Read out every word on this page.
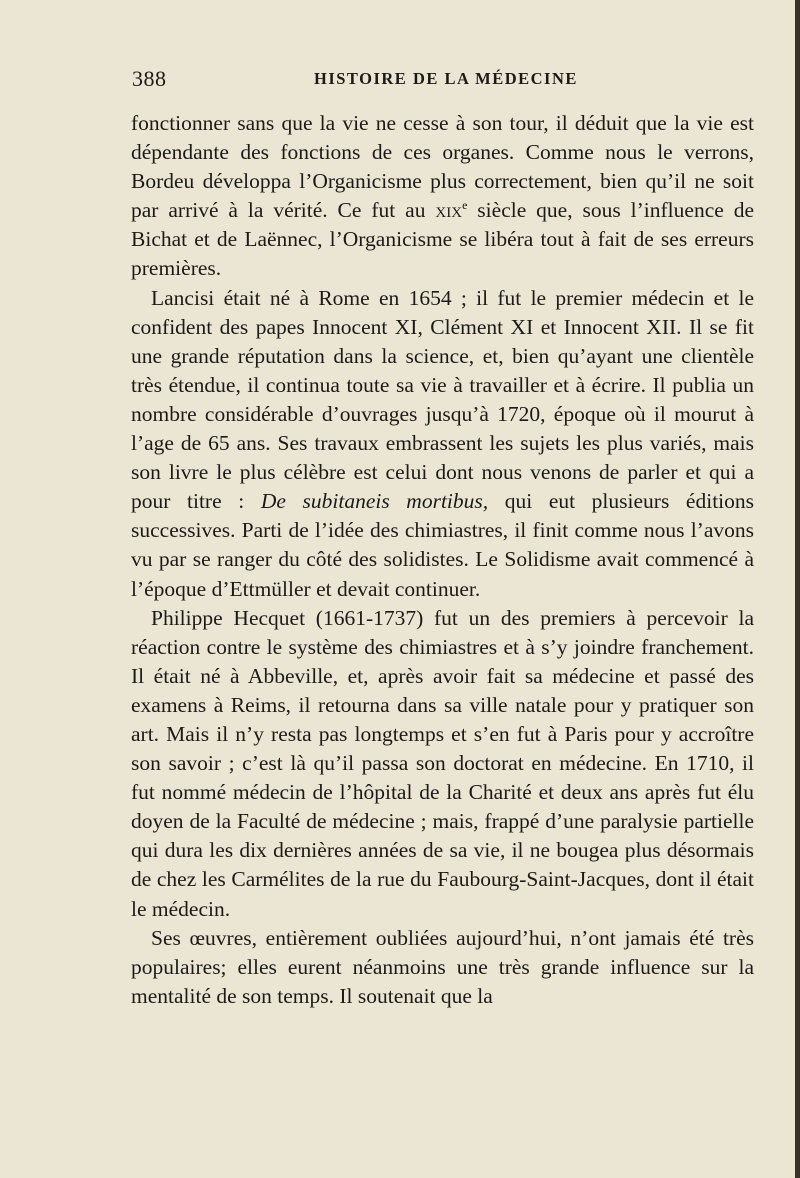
388	HISTOIRE DE LA MÉDECINE

fonctionner sans que la vie ne cesse à son tour, il déduit que la vie est dépendante des fonctions de ces organes. Comme nous le verrons, Bordeu développa l’Organicisme plus correctement, bien qu’il ne soit par arrivé à la vérité. Ce fut au xix$^e$ siècle que, sous l’influence de Bichat et de Laënnec, l’Organicisme se libéra tout à fait de ses erreurs premières.

Lancisi était né à Rome en 1654 ; il fut le premier médecin et le confident des papes Innocent XI, Clément XI et Innocent XII. Il se fit une grande réputation dans la science, et, bien qu’ayant une clientèle très étendue, il continua toute sa vie à travailler et à écrire. Il publia un nombre considérable d’ouvrages jusqu’à 1720, époque où il mourut à l’age de 65 ans. Ses travaux embrassent les sujets les plus variés, mais son livre le plus célèbre est celui dont nous venons de parler et qui a pour titre : De subitaneis mortibus, qui eut plusieurs éditions successives. Parti de l’idée des chimiastres, il finit comme nous l’avons vu par se ranger du côté des solidistes. Le Solidisme avait commencé à l’époque d’Ettmüller et devait continuer.

Philippe Hecquet (1661-1737) fut un des premiers à percevoir la réaction contre le système des chimiastres et à s’y joindre franchement. Il était né à Abbeville, et, après avoir fait sa médecine et passé des examens à Reims, il retourna dans sa ville natale pour y pratiquer son art. Mais il n’y resta pas longtemps et s’en fut à Paris pour y accroître son savoir ; c’est là qu’il passa son doctorat en médecine. En 1710, il fut nommé médecin de l’hôpital de la Charité et deux ans après fut élu doyen de la Faculté de médecine ; mais, frappé d’une paralysie partielle qui dura les dix dernières années de sa vie, il ne bougea plus désormais de chez les Carmélites de la rue du Faubourg-Saint-Jacques, dont il était le médecin.

Ses œuvres, entièrement oubliées aujourd’hui, n’ont jamais été très populaires; elles eurent néanmoins une très grande influence sur la mentalité de son temps. Il soutenait que la
